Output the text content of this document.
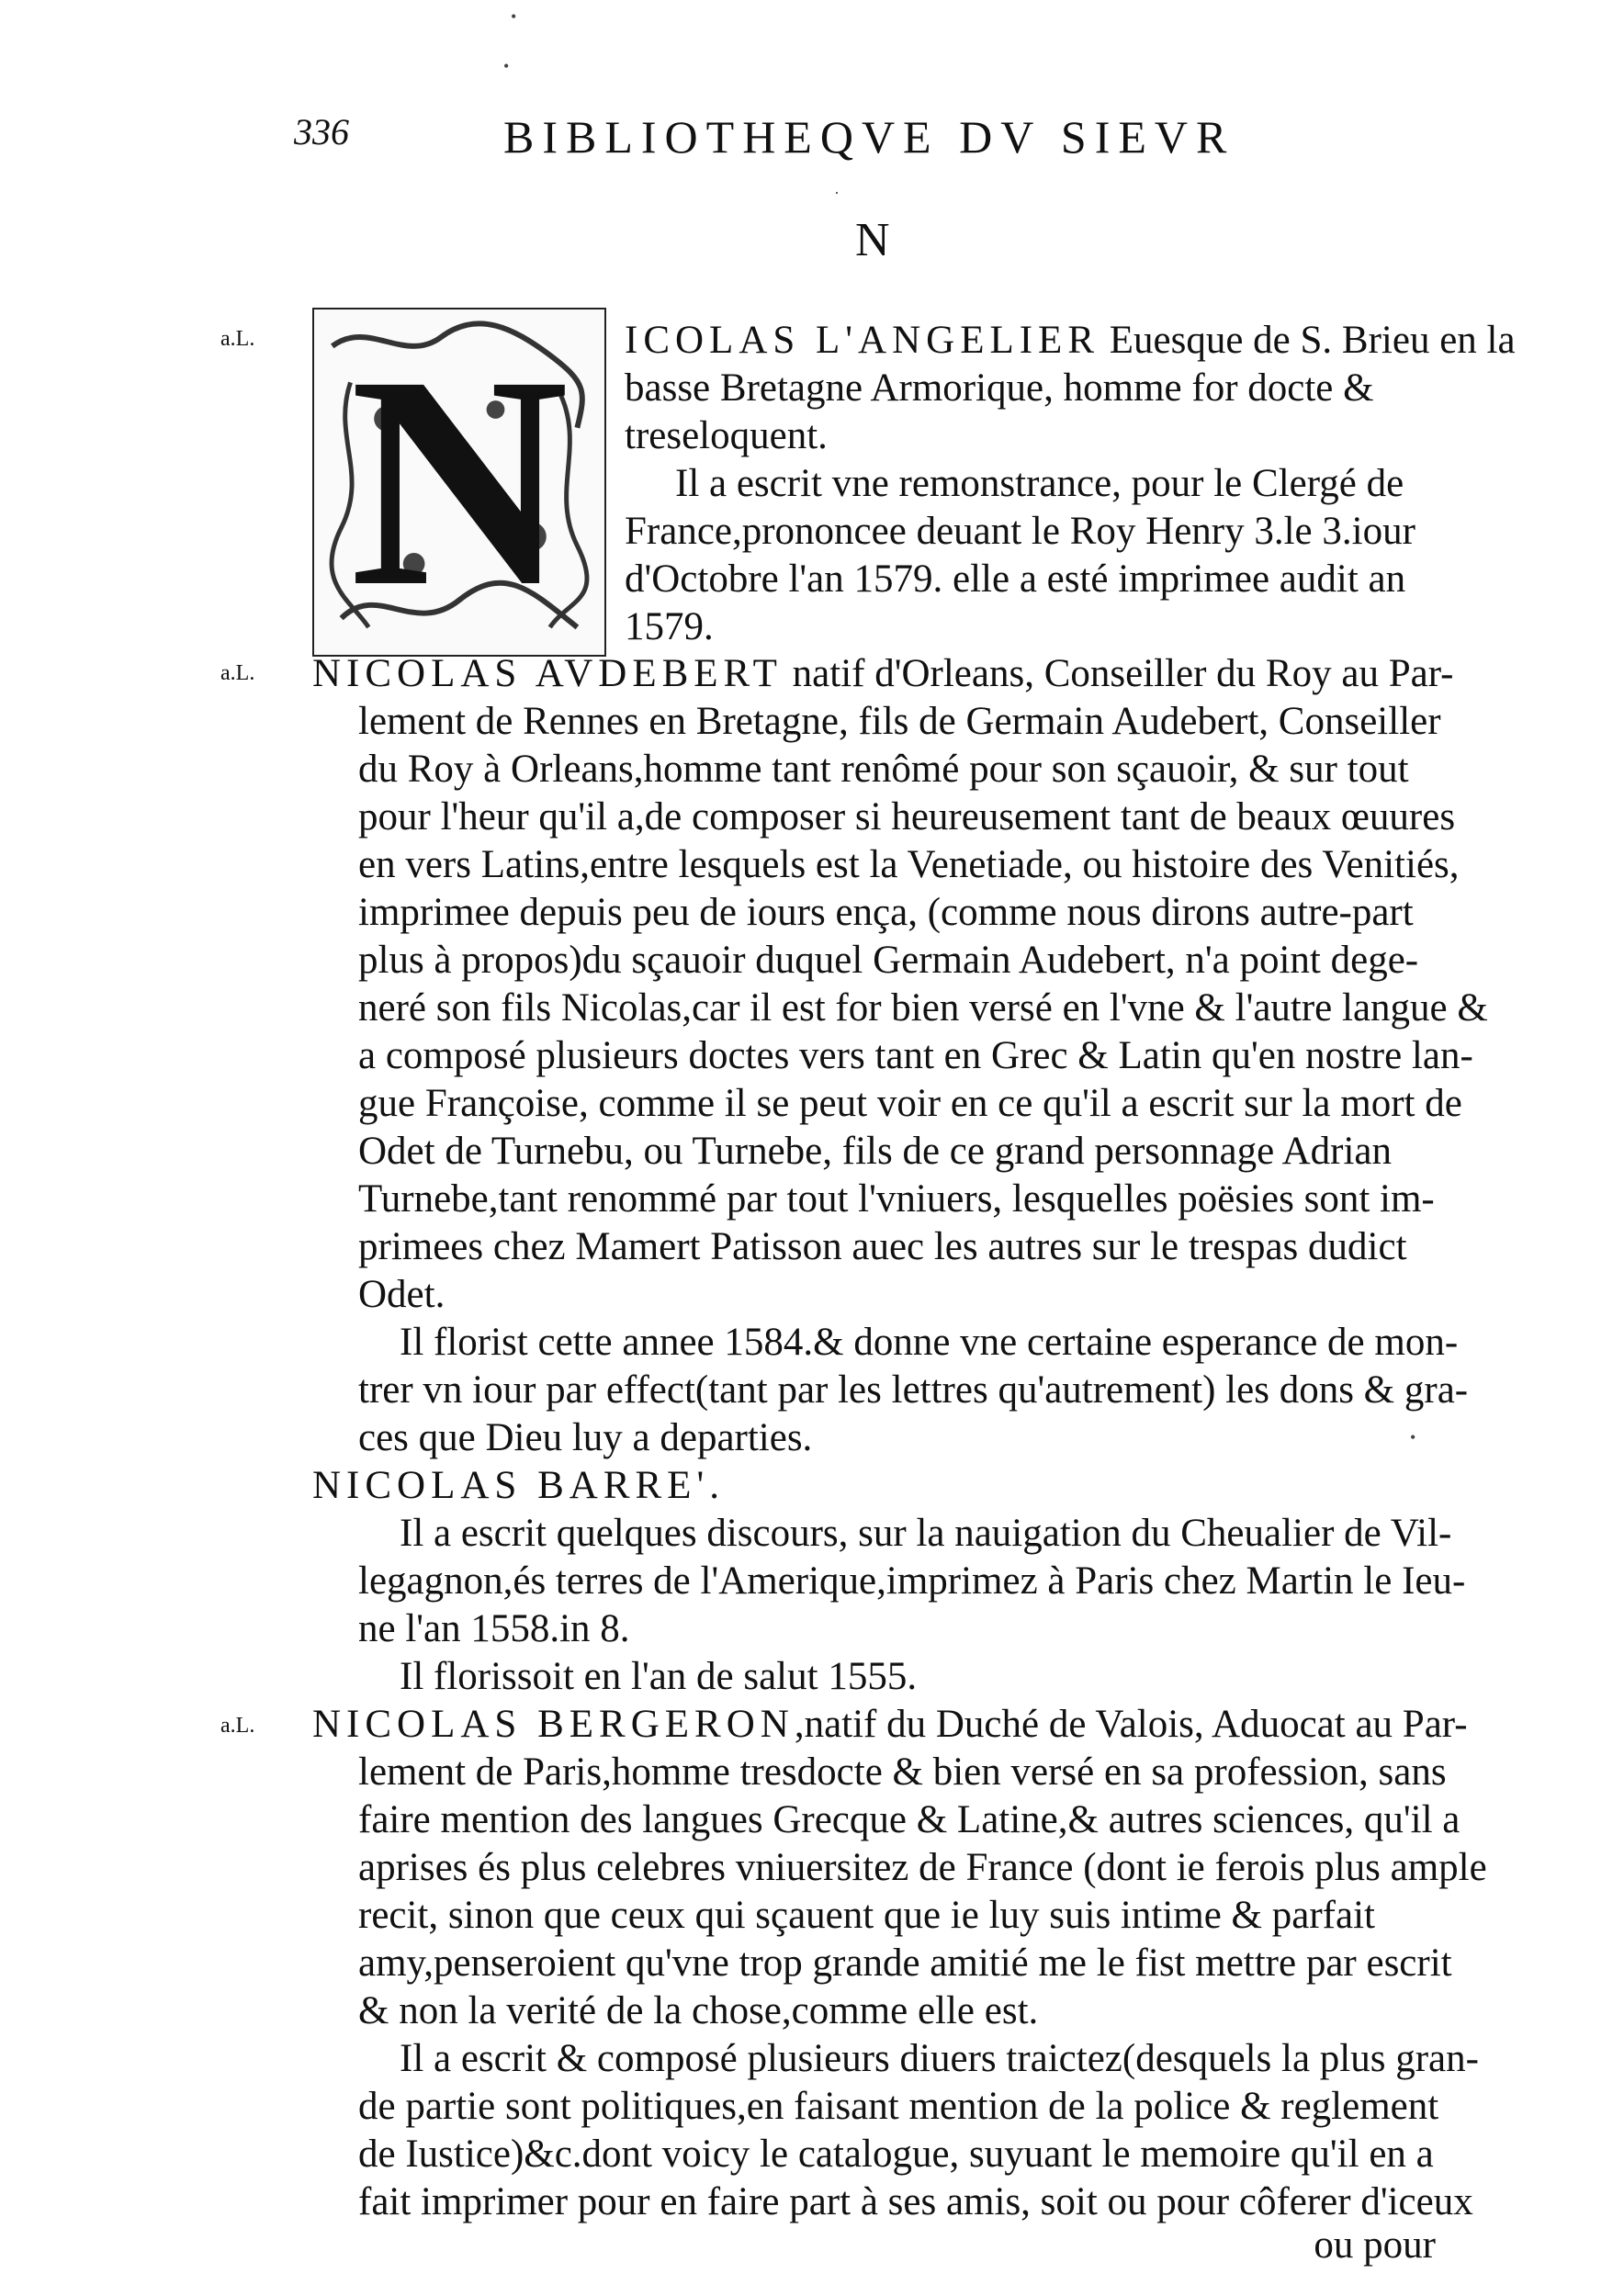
336	BIBLIOTHEQVE DV SIEVR
N
N
a.L.	ICOLAS L'ANGELIER Euesque de S. Brieu en la

basse Bretagne Armorique, homme for docte &

treseloquent.

Il a escrit vne remonstrance, pour le Clergé de

France,prononcee deuant le Roy Henry 3.le 3.iour

d'Octobre l'an 1579. elle a esté imprimee audit an

1579.

a.L.	NICOLAS AVDEBERT natif d'Orleans, Conseiller du Roy au Par-

lement de Rennes en Bretagne, fils de Germain Audebert, Conseiller

du Roy à Orleans,homme tant renômé pour son sçauoir, & sur tout

pour l'heur qu'il a,de composer si heureusement tant de beaux œuures

en vers Latins,entre lesquels est la Venetiade, ou histoire des Venitiés,

imprimee depuis peu de iours ença, (comme nous dirons autre-part

plus à propos)du sçauoir duquel Germain Audebert, n'a point dege-

neré son fils Nicolas,car il est for bien versé en l'vne & l'autre langue &

a composé plusieurs doctes vers tant en Grec & Latin qu'en nostre lan-

gue Françoise, comme il se peut voir en ce qu'il a escrit sur la mort de

Odet de Turnebu, ou Turnebe, fils de ce grand personnage Adrian

Turnebe,tant renommé par tout l'vniuers, lesquelles poësies sont im-

primees chez Mamert Patisson auec les autres sur le trespas dudict

Odet.

Il florist cette annee 1584.& donne vne certaine esperance de mon-

trer vn iour par effect(tant par les lettres qu'autrement) les dons & gra-

ces que Dieu luy a departies.

NICOLAS BARRE'.

Il a escrit quelques discours, sur la nauigation du Cheualier de Vil-

legagnon,és terres de l'Amerique,imprimez à Paris chez Martin le Ieu-

ne l'an 1558.in 8.

Il florissoit en l'an de salut 1555.

a.L.	NICOLAS BERGERON,natif du Duché de Valois, Aduocat au Par-

lement de Paris,homme tresdocte & bien versé en sa profession, sans

faire mention des langues Grecque & Latine,& autres sciences, qu'il a

aprises és plus celebres vniuersitez de France (dont ie ferois plus ample

recit, sinon que ceux qui sçauent que ie luy suis intime & parfait

amy,penseroient qu'vne trop grande amitié me le fist mettre par escrit

& non la verité de la chose,comme elle est.

Il a escrit & composé plusieurs diuers traictez(desquels la plus gran-

de partie sont politiques,en faisant mention de la police & reglement

de Iustice)&c.dont voicy le catalogue, suyuant le memoire qu'il en a

fait imprimer pour en faire part à ses amis, soit ou pour côferer d'iceux

ou pour
•
•
·
•
